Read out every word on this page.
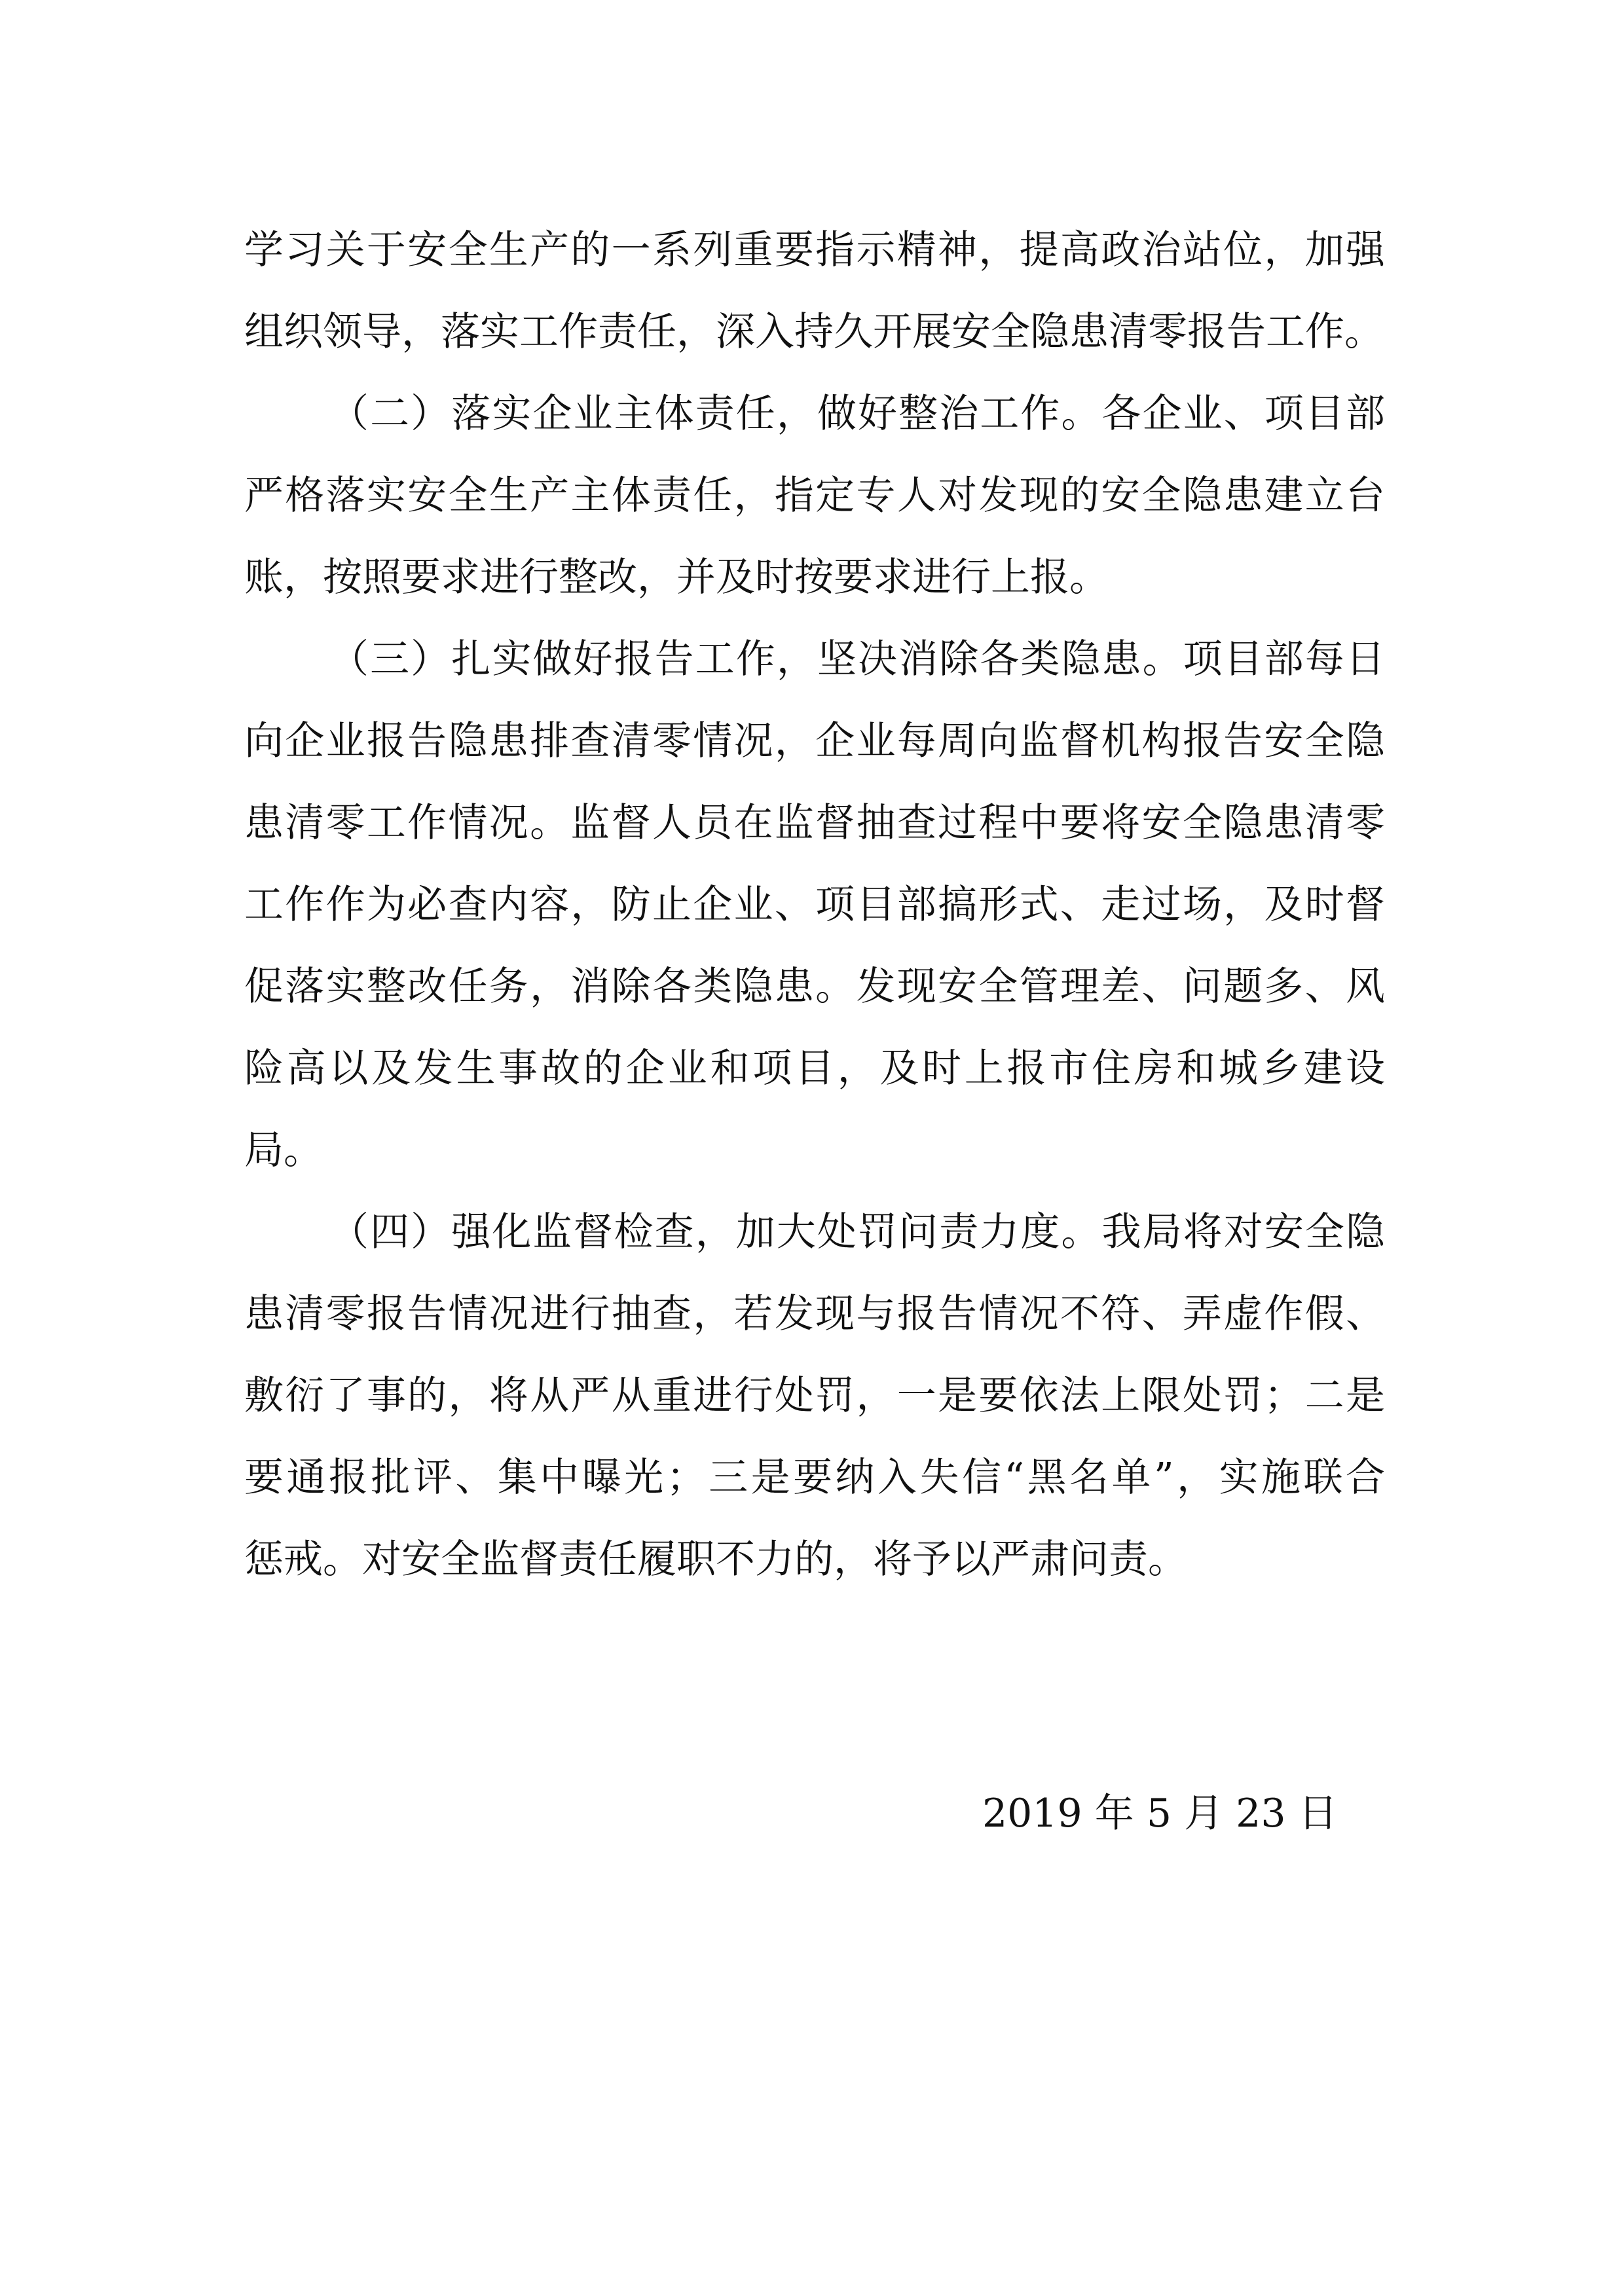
学习关于安全生产的一系列重要指示精神，提高政治站位，加强
组织领导，落实工作责任，深入持久开展安全隐患清零报告工作。
（二）落实企业主体责任，做好整治工作。各企业、项目部
严格落实安全生产主体责任，指定专人对发现的安全隐患建立台
账，按照要求进行整改，并及时按要求进行上报。
（三）扎实做好报告工作，坚决消除各类隐患。项目部每日
向企业报告隐患排查清零情况，企业每周向监督机构报告安全隐
患清零工作情况。监督人员在监督抽查过程中要将安全隐患清零
工作作为必查内容，防止企业、项目部搞形式、走过场，及时督
促落实整改任务，消除各类隐患。发现安全管理差、问题多、风
险高以及发生事故的企业和项目，及时上报市住房和城乡建设
局。
（四）强化监督检查，加大处罚问责力度。我局将对安全隐
患清零报告情况进行抽查，若发现与报告情况不符、弄虚作假、
敷衍了事的，将从严从重进行处罚，一是要依法上限处罚；二是
要通报批评、集中曝光；三是要纳入失信“黑名单”，实施联合
惩戒。对安全监督责任履职不力的，将予以严肃问责。
2019 年 5 月 23 日
